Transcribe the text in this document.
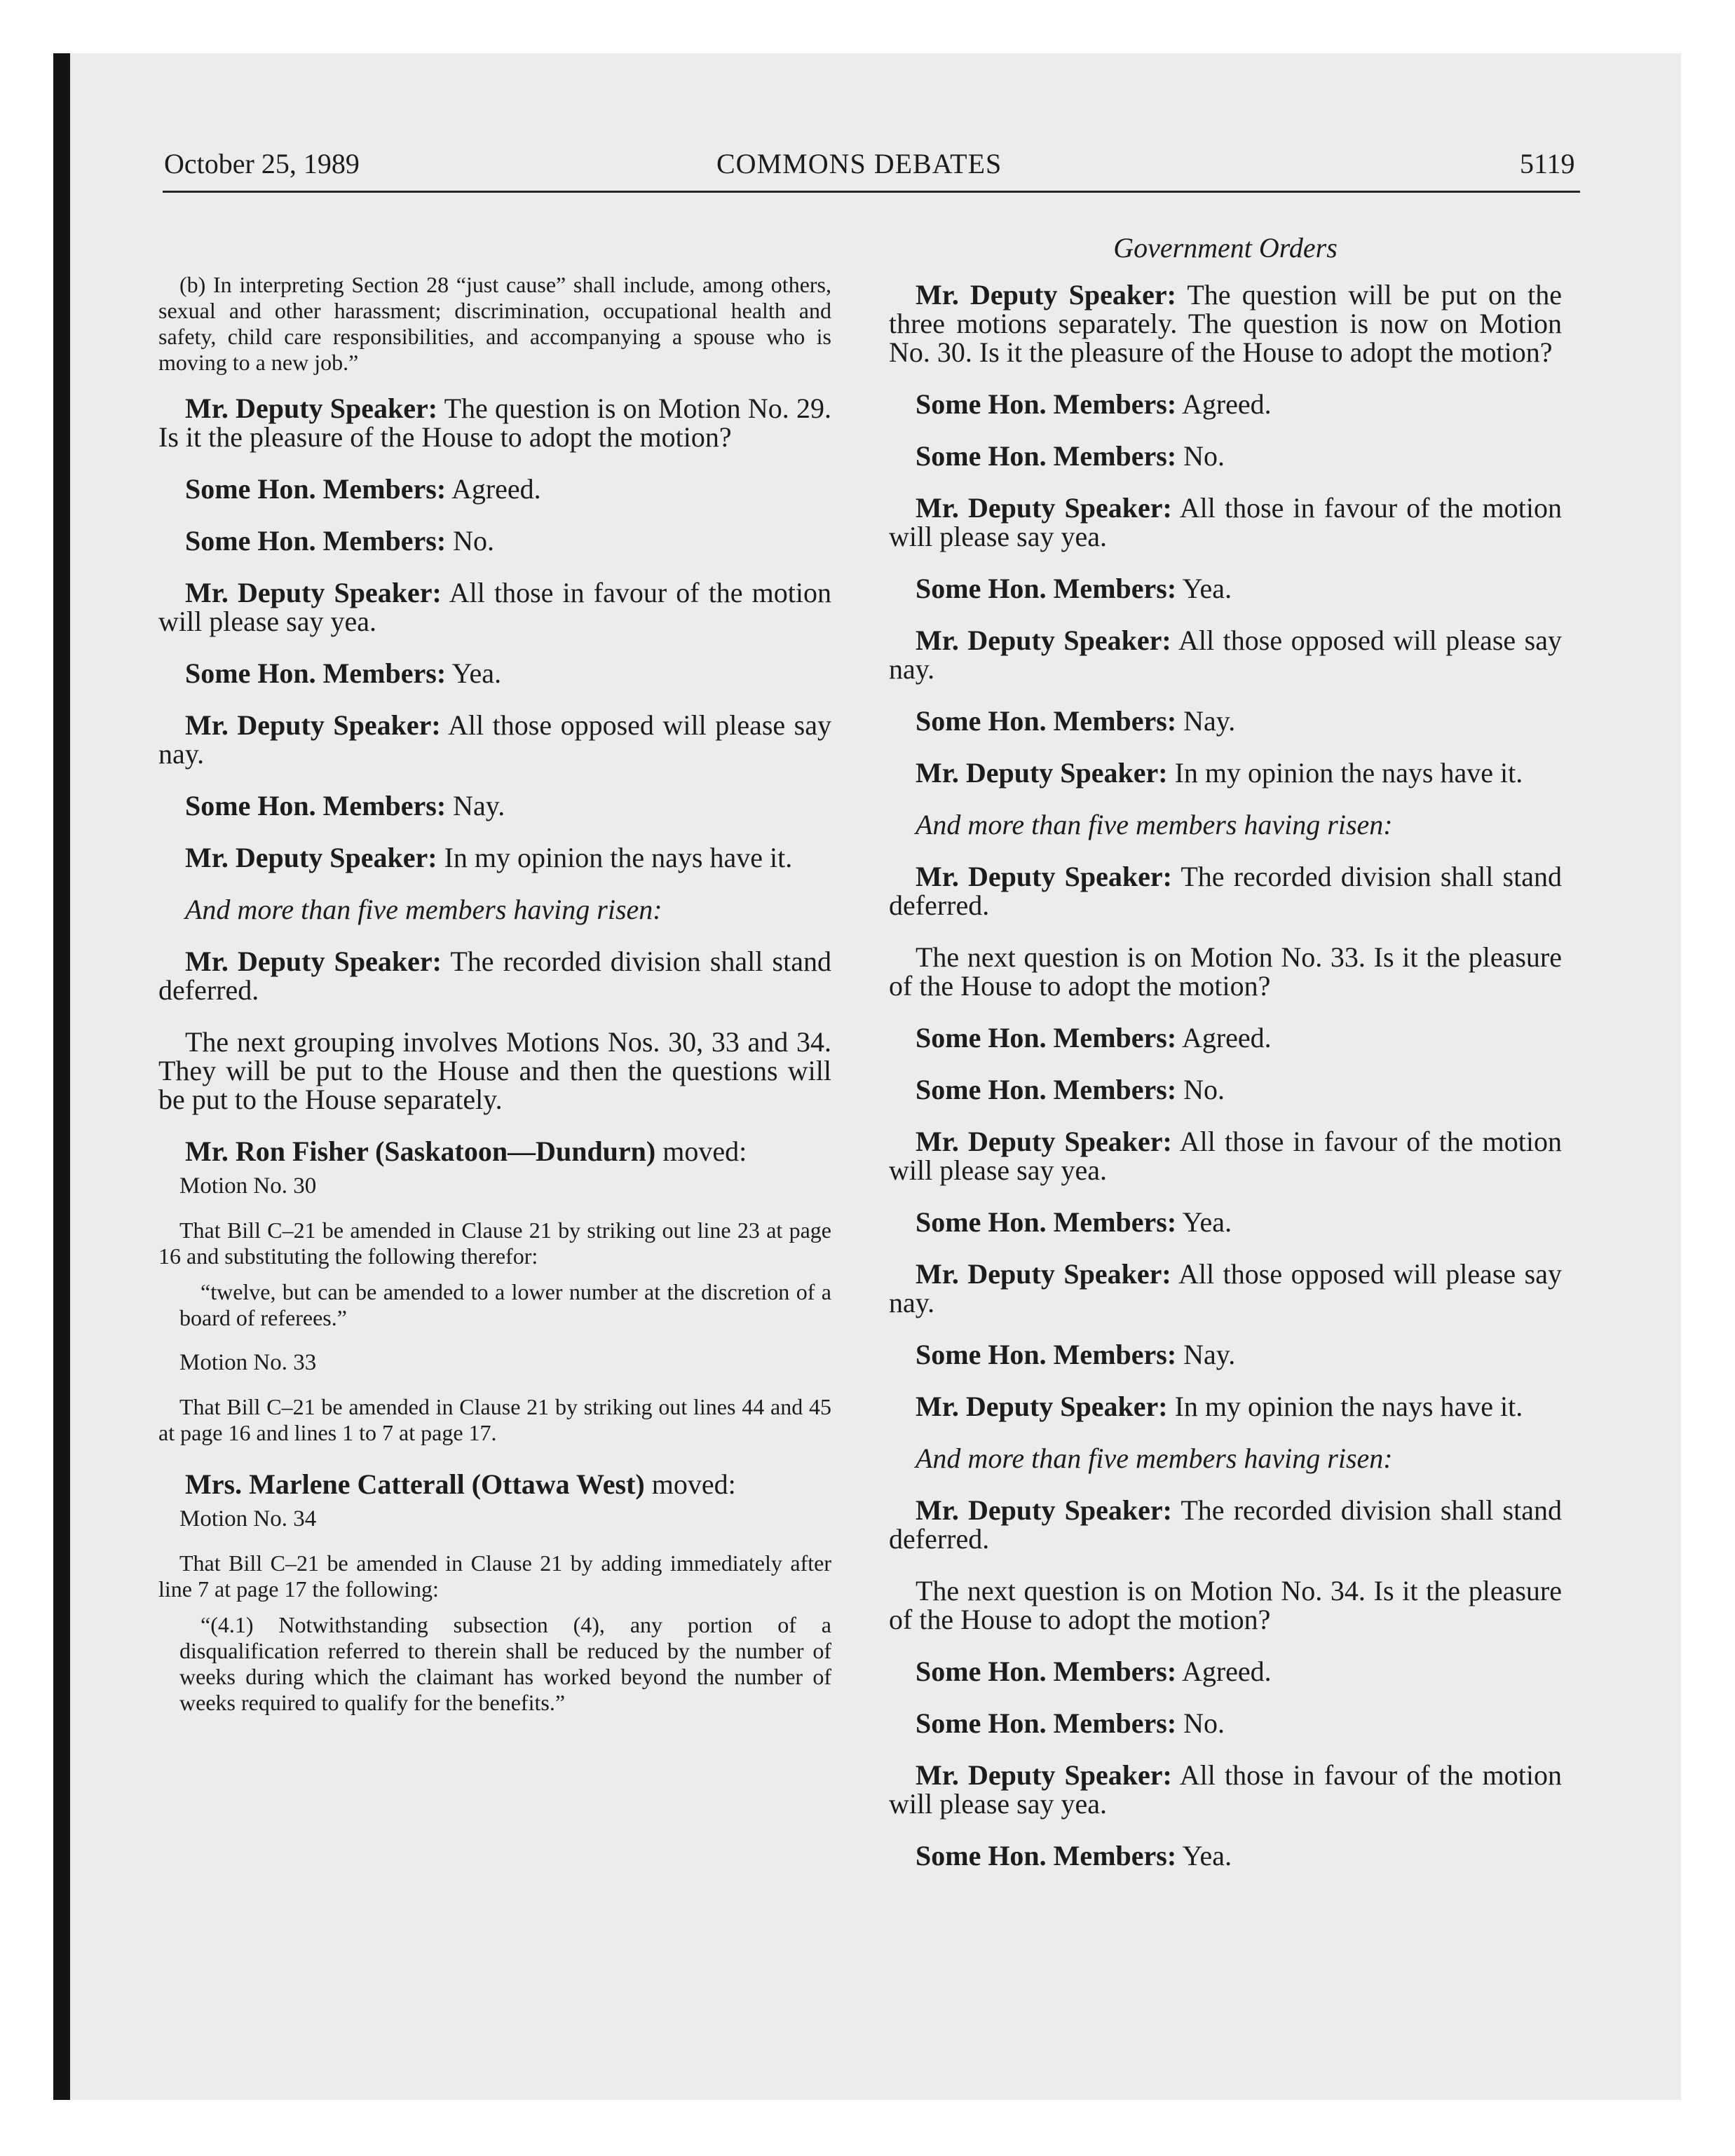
October 25, 1989	COMMONS DEBATES	5119

(b) In interpreting Section 28 “just cause” shall include, among others, sexual and other harassment; discrimination, occupational health and safety, child care responsibilities, and accompanying a spouse who is moving to a new job.”

Mr. Deputy Speaker: The question is on Motion No. 29. Is it the pleasure of the House to adopt the motion?

Some Hon. Members: Agreed.

Some Hon. Members: No.

Mr. Deputy Speaker: All those in favour of the motion will please say yea.

Some Hon. Members: Yea.

Mr. Deputy Speaker: All those opposed will please say nay.

Some Hon. Members: Nay.

Mr. Deputy Speaker: In my opinion the nays have it.

And more than five members having risen:

Mr. Deputy Speaker: The recorded division shall stand deferred.

The next grouping involves Motions Nos. 30, 33 and 34. They will be put to the House and then the questions will be put to the House separately.

Mr. Ron Fisher (Saskatoon—Dundurn) moved:

Motion No. 30

That Bill C–21 be amended in Clause 21 by striking out line 23 at page 16 and substituting the following therefor:

“twelve, but can be amended to a lower number at the discretion of a board of referees.”

Motion No. 33

That Bill C–21 be amended in Clause 21 by striking out lines 44 and 45 at page 16 and lines 1 to 7 at page 17.

Mrs. Marlene Catterall (Ottawa West) moved:

Motion No. 34

That Bill C–21 be amended in Clause 21 by adding immediately after line 7 at page 17 the following:

“(4.1) Notwithstanding subsection (4), any portion of a disqualification referred to therein shall be reduced by the number of weeks during which the claimant has worked beyond the number of weeks required to qualify for the benefits.”

Government Orders

Mr. Deputy Speaker: The question will be put on the three motions separately. The question is now on Motion No. 30. Is it the pleasure of the House to adopt the motion?

Some Hon. Members: Agreed.

Some Hon. Members: No.

Mr. Deputy Speaker: All those in favour of the motion will please say yea.

Some Hon. Members: Yea.

Mr. Deputy Speaker: All those opposed will please say nay.

Some Hon. Members: Nay.

Mr. Deputy Speaker: In my opinion the nays have it.

And more than five members having risen:

Mr. Deputy Speaker: The recorded division shall stand deferred.

The next question is on Motion No. 33. Is it the pleasure of the House to adopt the motion?

Some Hon. Members: Agreed.

Some Hon. Members: No.

Mr. Deputy Speaker: All those in favour of the motion will please say yea.

Some Hon. Members: Yea.

Mr. Deputy Speaker: All those opposed will please say nay.

Some Hon. Members: Nay.

Mr. Deputy Speaker: In my opinion the nays have it.

And more than five members having risen:

Mr. Deputy Speaker: The recorded division shall stand deferred.

The next question is on Motion No. 34. Is it the pleasure of the House to adopt the motion?

Some Hon. Members: Agreed.

Some Hon. Members: No.

Mr. Deputy Speaker: All those in favour of the motion will please say yea.

Some Hon. Members: Yea.
